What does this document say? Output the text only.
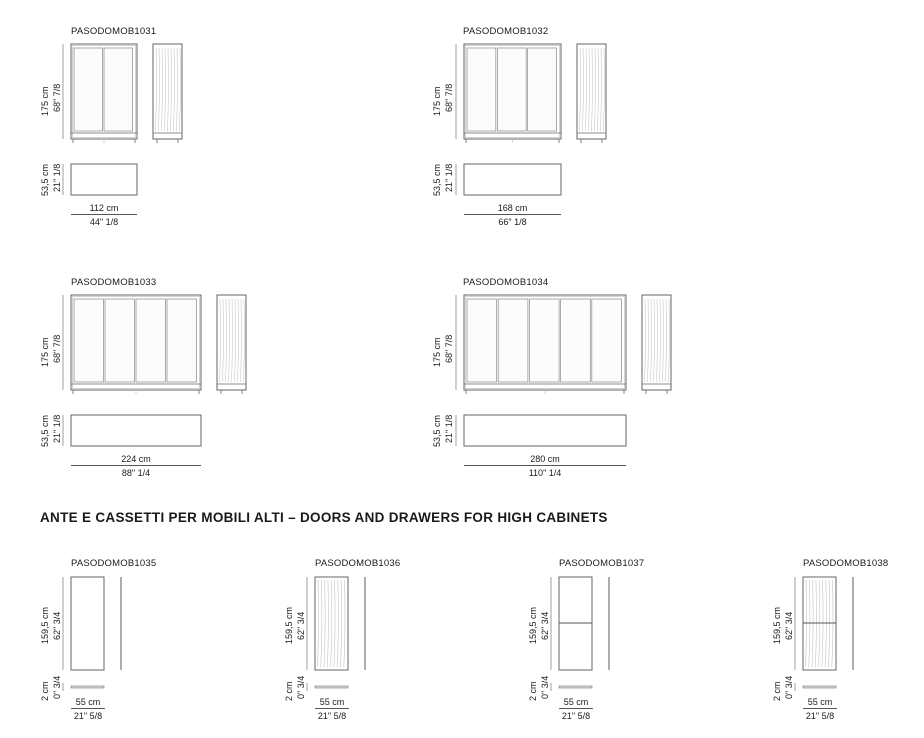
PASODOMOB1031
175 cm 68" 7/8
53,5 cm 21" 1/8
112 cm
44" 1/8
PASODOMOB1032
175 cm 68" 7/8
53,5 cm 21" 1/8
168 cm
66" 1/8
PASODOMOB1033
175 cm 68" 7/8
53,5 cm 21" 1/8
224 cm
88" 1/4
PASODOMOB1034
175 cm 68" 7/8
53,5 cm 21" 1/8
280 cm
110" 1/4
ANTE E CASSETTI PER MOBILI ALTI – DOORS AND DRAWERS FOR HIGH CABINETS
PASODOMOB1035
159,5 cm 62" 3/4
2 cm 0" 3/4
55 cm
21" 5/8
PASODOMOB1036
159,5 cm 62" 3/4
2 cm 0" 3/4
55 cm
21" 5/8
PASODOMOB1037
159,5 cm 62" 3/4
2 cm 0" 3/4
55 cm
21" 5/8
PASODOMOB1038
159,5 cm 62" 3/4
2 cm 0" 3/4
55 cm
21" 5/8
